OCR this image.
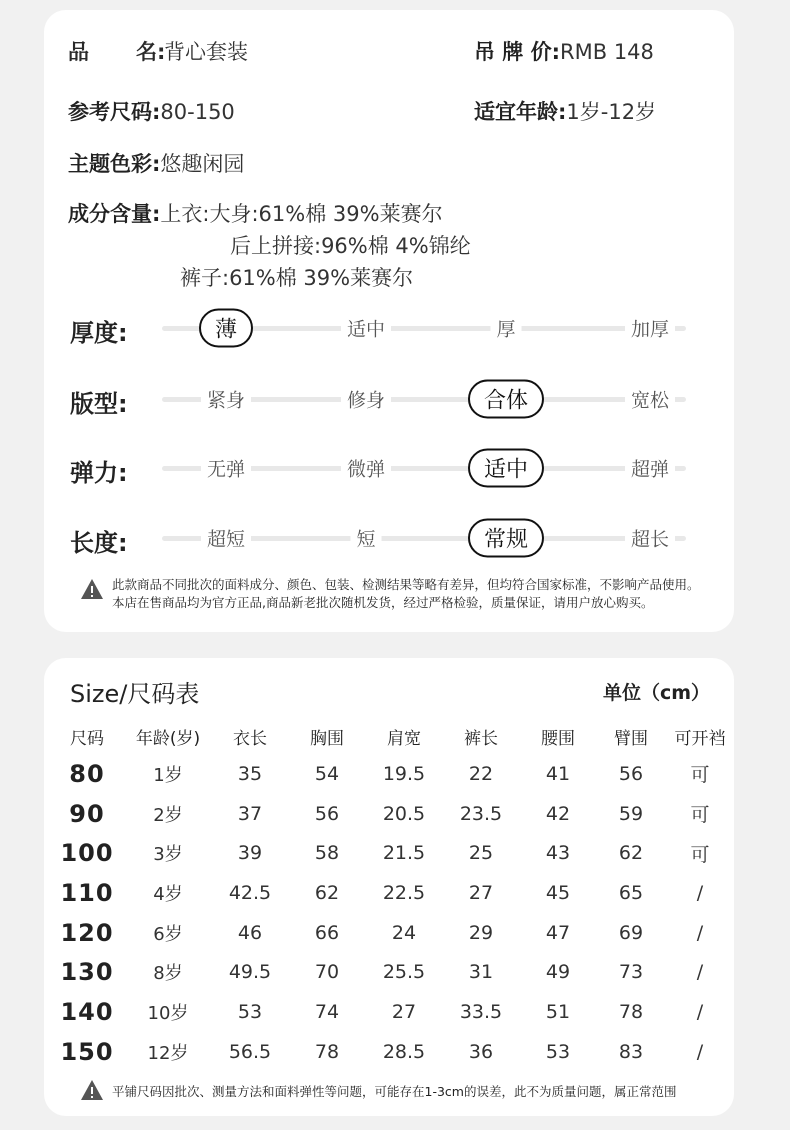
品 名:背心套装	吊 牌 价:RMB 148
参考尺码:80-150	适宜年龄:1岁-12岁
主题色彩:悠趣闲园
成分含量:上衣:大身:61%棉 39%莱赛尔
后上拼接:96%棉 4%锦纶
裤子:61%棉 39%莱赛尔
厚度:	薄	适中	厚	加厚
版型:	紧身	修身	合体	宽松
弹力:	无弹	微弹	适中	超弹
长度:	超短	短	常规	超长
此款商品不同批次的面料成分、颜色、包装、检测结果等略有差异，但均符合国家标准，不影响产品使用。
本店在售商品均为官方正品,商品新老批次随机发货，经过严格检验，质量保证，请用户放心购买。
Size/尺码表	单位（cm）
尺码	年龄(岁)	衣长	胸围	肩宽	裤长	腰围	臂围	可开裆
80	1岁	35	54	19.5	22	41	56	可
90	2岁	37	56	20.5	23.5	42	59	可
100	3岁	39	58	21.5	25	43	62	可
110	4岁	42.5	62	22.5	27	45	65	/
120	6岁	46	66	24	29	47	69	/
130	8岁	49.5	70	25.5	31	49	73	/
140	10岁	53	74	27	33.5	51	78	/
150	12岁	56.5	78	28.5	36	53	83	/
平铺尺码因批次、测量方法和面料弹性等问题，可能存在1-3cm的误差，此不为质量问题，属正常范围
